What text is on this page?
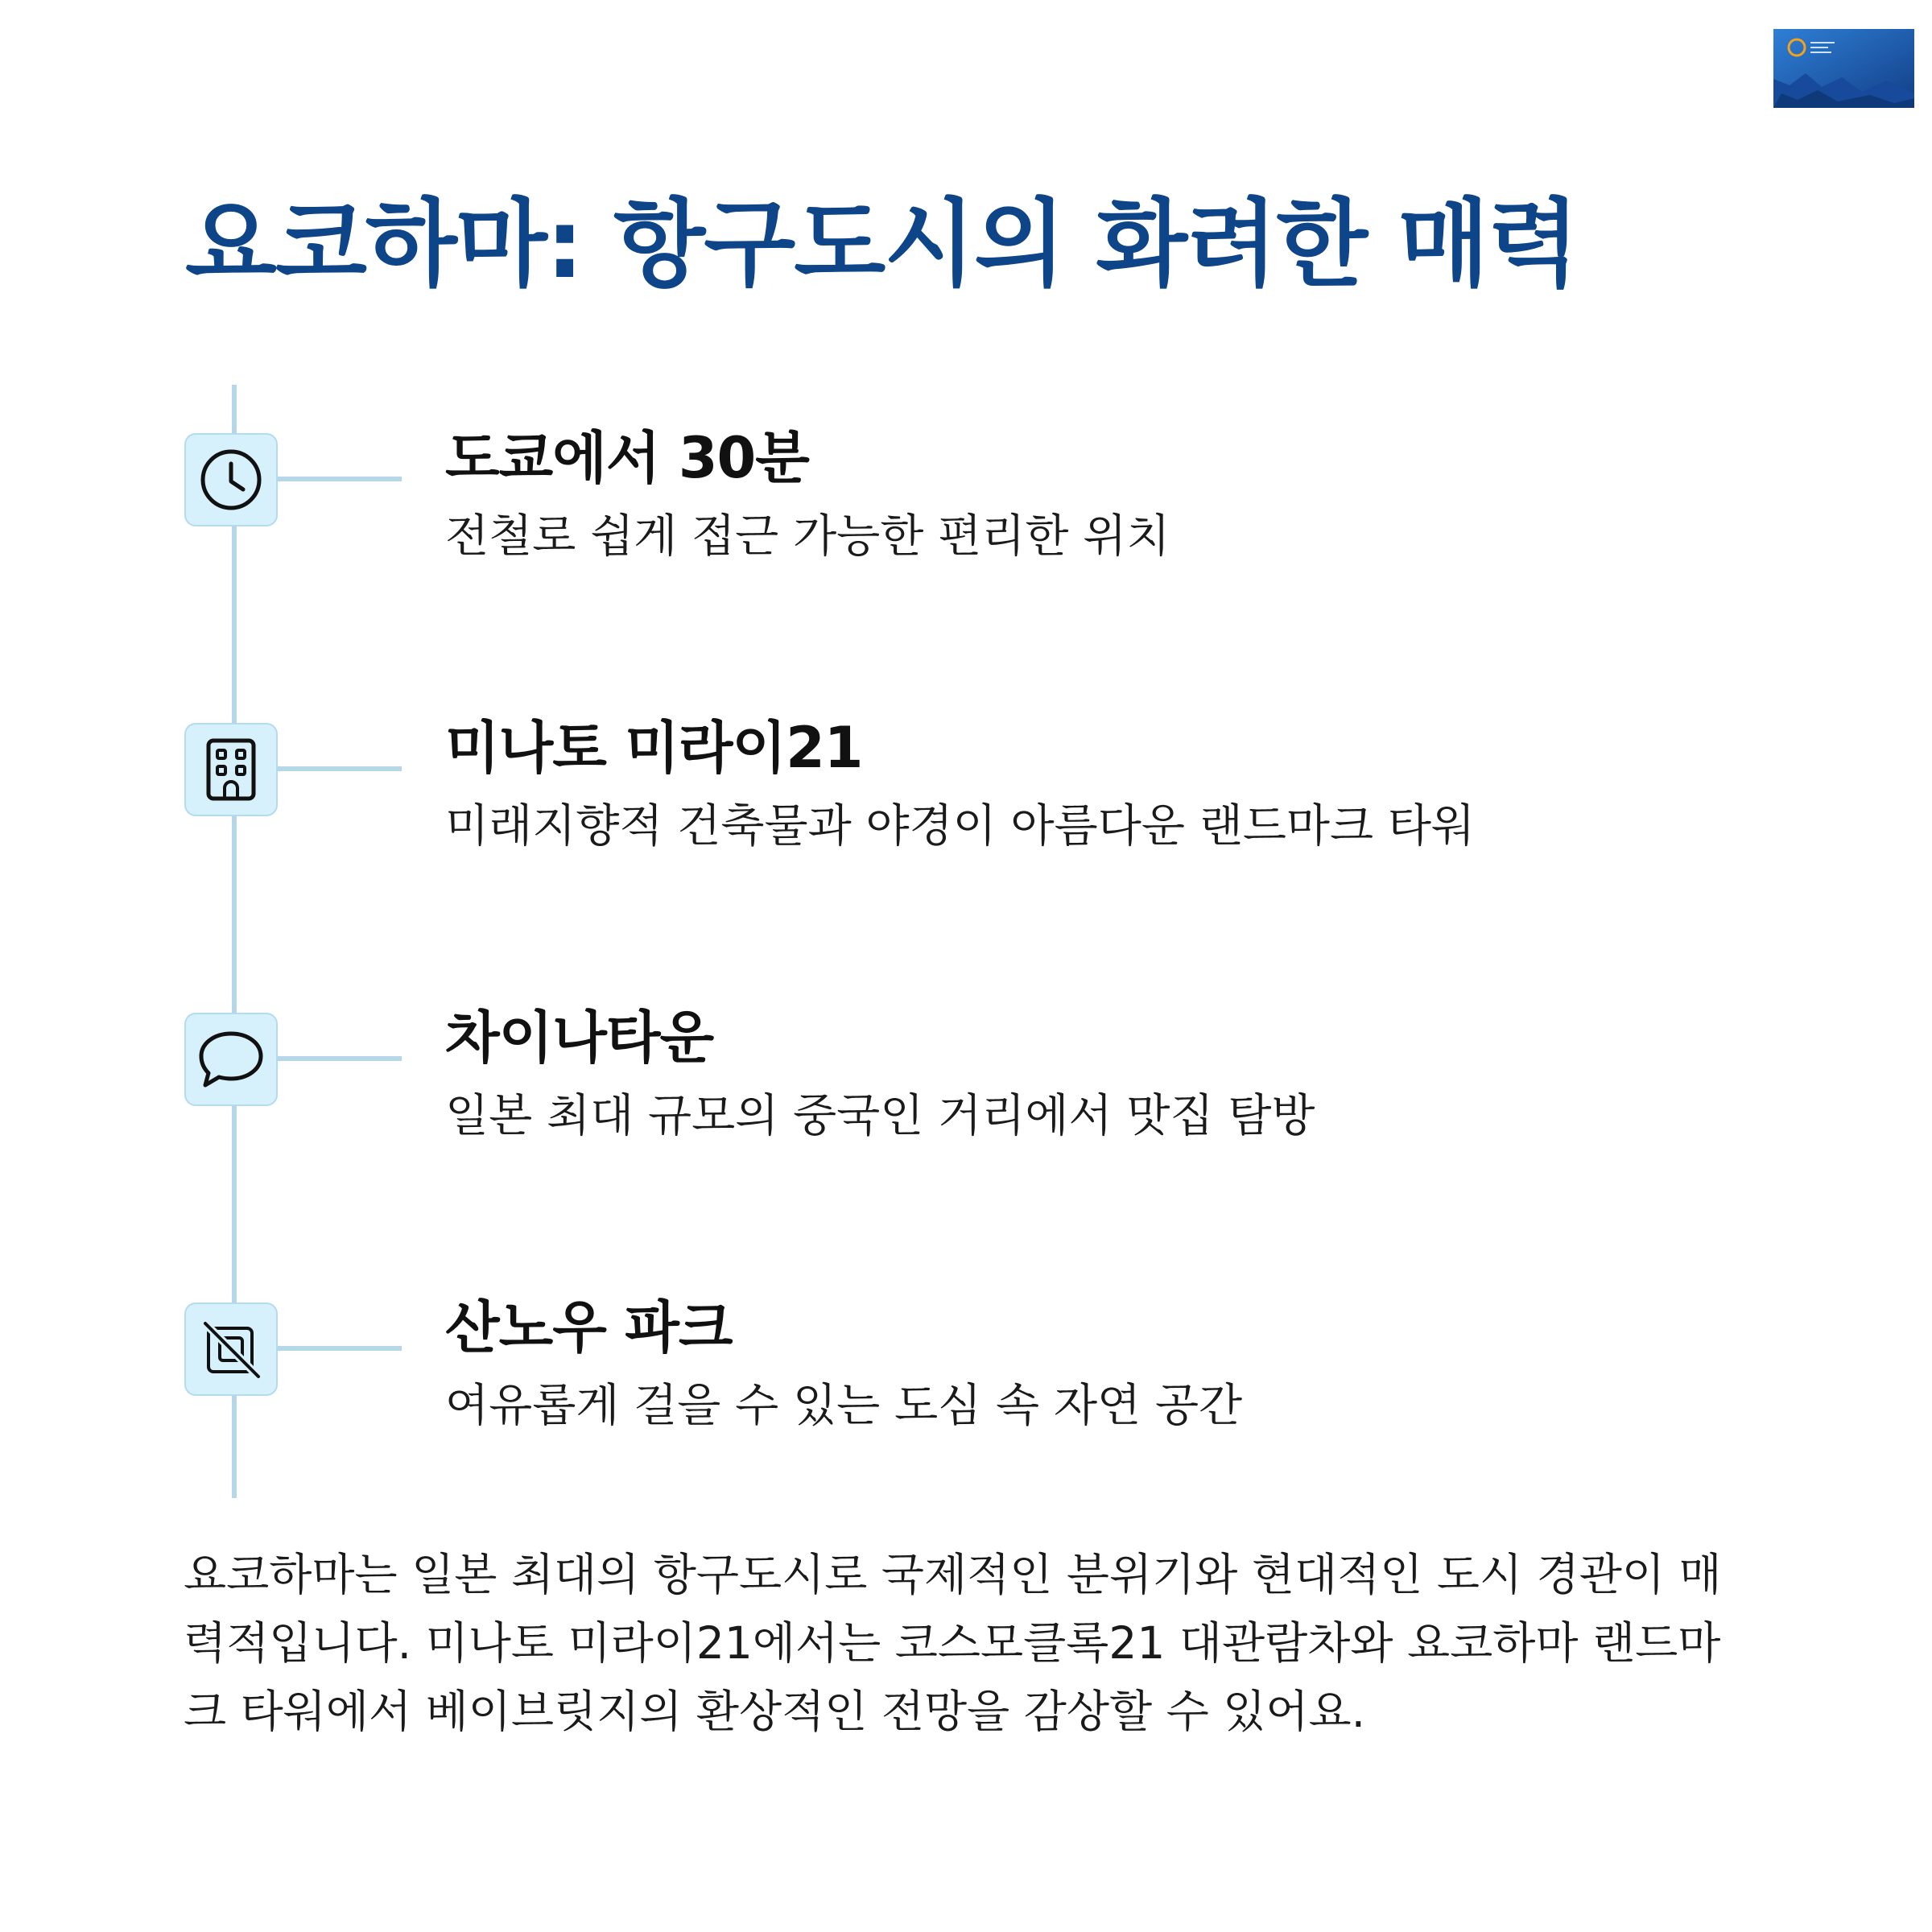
요코하마: 항구도시의 화려한 매력
도쿄에서 30분

전철로 쉽게 접근 가능한 편리한 위치

미나토 미라이21

미래지향적 건축물과 야경이 아름다운 랜드마크 타워

차이나타운

일본 최대 규모의 중국인 거리에서 맛집 탐방

산노우 파크

여유롭게 걸을 수 있는 도심 속 자연 공간

요코하마는 일본 최대의 항구도시로 국제적인 분위기와 현대적인 도시 경관이 매력적입니다. 미나토 미라이21에서는 코스모클록21 대관람차와 요코하마 랜드마크 타워에서 베이브릿지의 환상적인 전망을 감상할 수 있어요.
